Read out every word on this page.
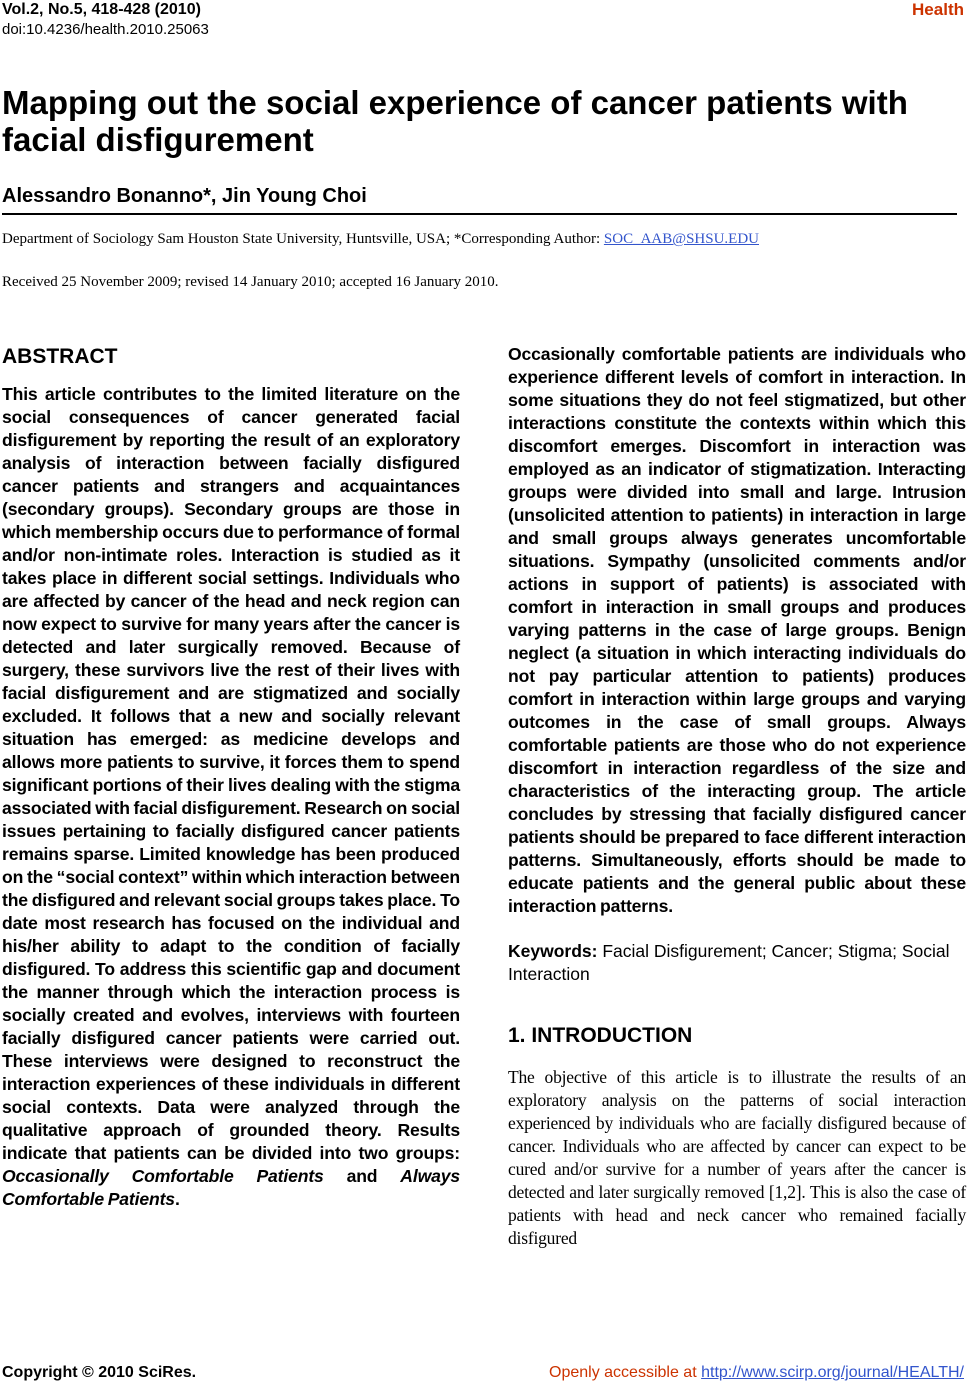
Vol.2, No.5, 418-428 (2010)
doi:10.4236/health.2010.25063
Health
Mapping out the social experience of cancer patients with facial disfigurement
Alessandro Bonanno*, Jin Young Choi
Department of Sociology Sam Houston State University, Huntsville, USA; *Corresponding Author: SOC_AAB@SHSU.EDU
Received 25 November 2009; revised 14 January 2010; accepted 16 January 2010.
ABSTRACT

This article contributes to the limited literature on the social consequences of cancer generated facial disfigurement by reporting the result of an exploratory analysis of interaction between facially disfigured cancer patients and strangers and acquaintances (secondary groups). Secondary groups are those in which membership occurs due to performance of formal and/or non-intimate roles. Interaction is studied as it takes place in different social settings. Individuals who are affected by cancer of the head and neck region can now expect to survive for many years after the cancer is detected and later surgically removed. Because of surgery, these survivors live the rest of their lives with facial disfigurement and are stigmatized and socially excluded. It follows that a new and socially relevant situation has emerged: as medicine develops and allows more patients to survive, it forces them to spend significant portions of their lives dealing with the stigma associated with facial disfigurement. Research on social issues pertaining to facially disfigured cancer patients remains sparse. Limited knowledge has been produced on the “social context” within which interaction between the disfigured and relevant social groups takes place. To date most research has focused on the individual and his/her ability to adapt to the condition of facially disfigured. To address this scientific gap and document the manner through which the interaction process is socially created and evolves, interviews with fourteen facially disfigured cancer patients were carried out. These interviews were designed to reconstruct the interaction experiences of these individuals in different social contexts. Data were analyzed through the qualitative approach of grounded theory. Results indicate that patients can be divided into two groups: Occasionally Comfortable Patients and Always Comfortable Patients.

Occasionally comfortable patients are individuals who experience different levels of comfort in interaction. In some situations they do not feel stigmatized, but other interactions constitute the contexts within which this discomfort emerges. Discomfort in interaction was employed as an indicator of stigmatization. Interacting groups were divided into small and large. Intrusion (unsolicited attention to patients) in interaction in large and small groups always generates uncomfortable situations. Sympathy (unsolicited comments and/or actions in support of patients) is associated with comfort in interaction in small groups and produces varying patterns in the case of large groups. Benign neglect (a situation in which interacting individuals do not pay particular attention to patients) produces comfort in interaction within large groups and varying outcomes in the case of small groups. Always comfortable patients are those who do not experience discomfort in interaction regardless of the size and characteristics of the interacting group. The article concludes by stressing that facially disfigured cancer patients should be prepared to face different interaction patterns. Simultaneously, efforts should be made to educate patients and the general public about these interaction patterns.

Keywords: Facial Disfigurement; Cancer; Stigma; Social Interaction

1. INTRODUCTION

The objective of this article is to illustrate the results of an exploratory analysis on the patterns of social interaction experienced by individuals who are facially disfigured because of cancer. Individuals who are affected by cancer can expect to be cured and/or survive for a number of years after the cancer is detected and later surgically removed [1,2]. This is also the case of patients with head and neck cancer who remained facially disfigured

Copyright © 2010 SciRes.	Openly accessible at http://www.scirp.org/journal/HEALTH/
